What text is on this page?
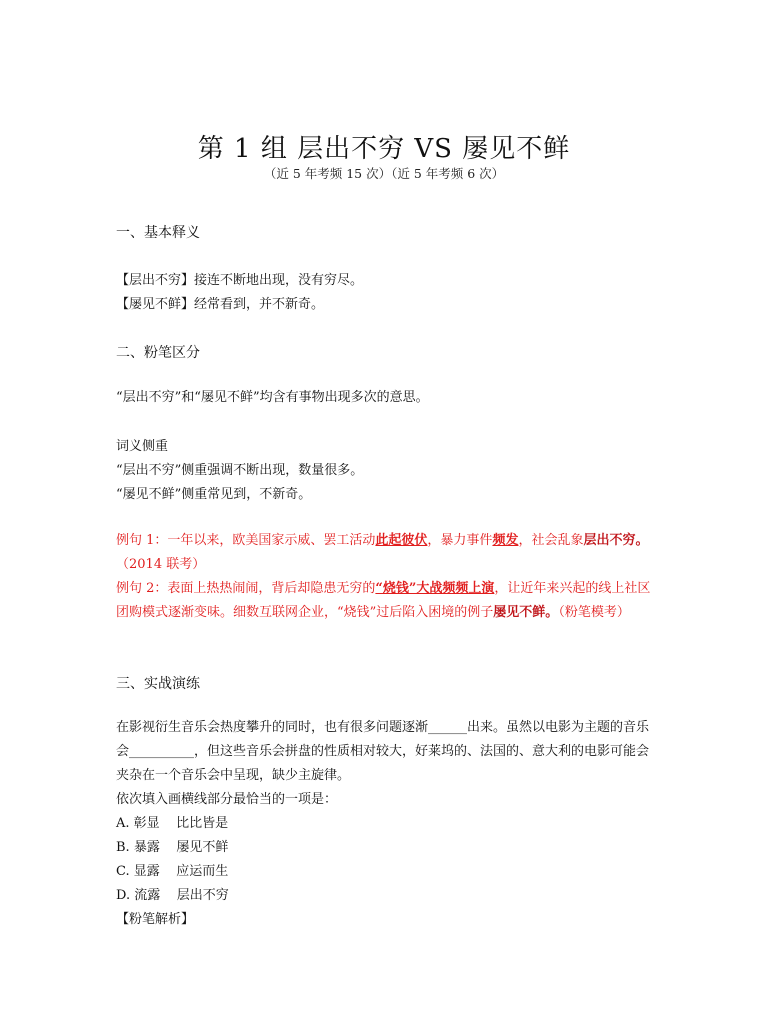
第 1 组 层出不穷 VS 屡见不鲜
（近 5 年考频 15 次）（近 5 年考频 6 次）
一、基本释义

【层出不穷】接连不断地出现，没有穷尽。

【屡见不鲜】经常看到，并不新奇。

二、粉笔区分
“层出不穷”和“屡见不鲜”均含有事物出现多次的意思。

词义侧重

“层出不穷”侧重强调不断出现，数量很多。

“屡见不鲜”侧重常见到，不新奇。

例句 1：一年以来，欧美国家示威、罢工活动此起彼伏，暴力事件频发，社会乱象层出不穷。
（2014 联考）

例句 2：表面上热热闹闹，背后却隐患无穷的“烧钱”大战频频上演，让近年来兴起的线上社区团购模式逐渐变味。细数互联网企业，“烧钱”过后陷入困境的例子屡见不鲜。（粉笔模考）

三、实战演练

在影视衍生音乐会热度攀升的同时，也有很多问题逐渐______出来。虽然以电影为主题的音乐会__________，但这些音乐会拼盘的性质相对较大，好莱坞的、法国的、意大利的电影可能会夹杂在一个音乐会中呈现，缺少主旋律。

依次填入画横线部分最恰当的一项是：

A. 彰显    比比皆是

B. 暴露    屡见不鲜

C. 显露    应运而生

D. 流露    层出不穷

【粉笔解析】
